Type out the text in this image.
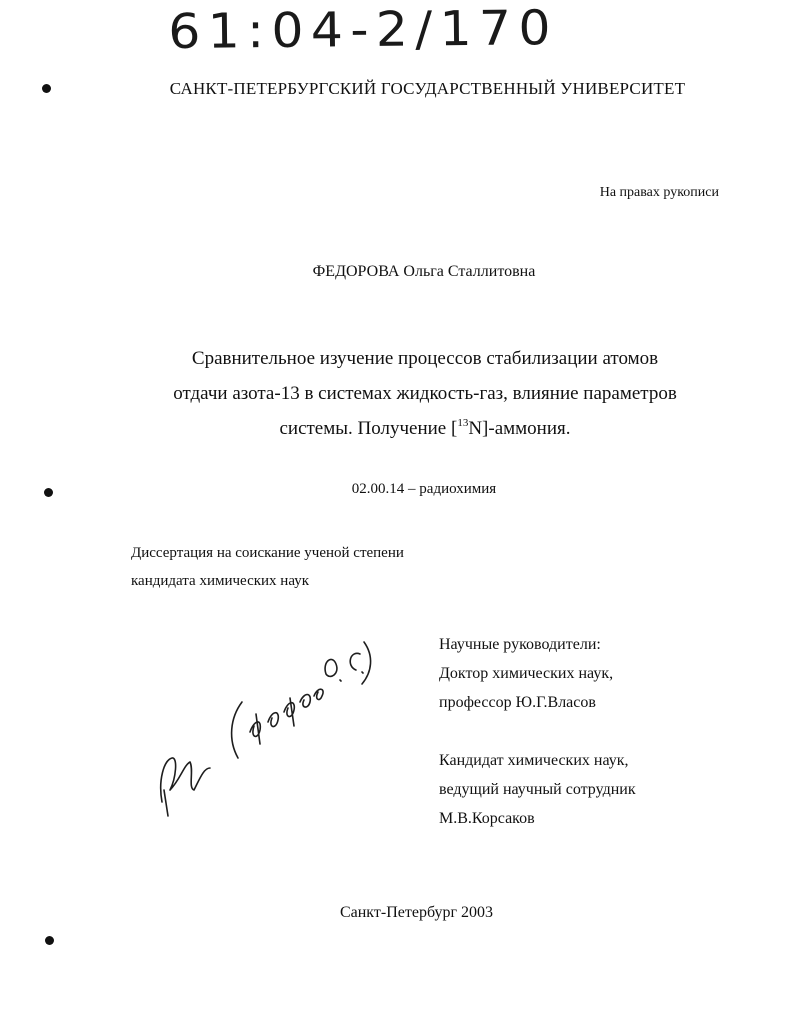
61:04-2/170
САНКТ-ПЕТЕРБУРГСКИЙ ГОСУДАРСТВЕННЫЙ УНИВЕРСИТЕТ
На правах рукописи
ФЕДОРОВА Ольга Сталлитовна
Сравнительное изучение процессов стабилизации атомов
отдачи азота-13 в системах жидкость-газ, влияние параметров
системы. Получение [$^{13}$N]-аммония.
02.00.14 – радиохимия
Диссертация на соискание ученой степени
кандидата химических наук
Научные руководители:
Доктор химических наук,
профессор Ю.Г.Власов
Кандидат химических наук,
ведущий научный сотрудник
М.В.Корсаков
Санкт-Петербург 2003
